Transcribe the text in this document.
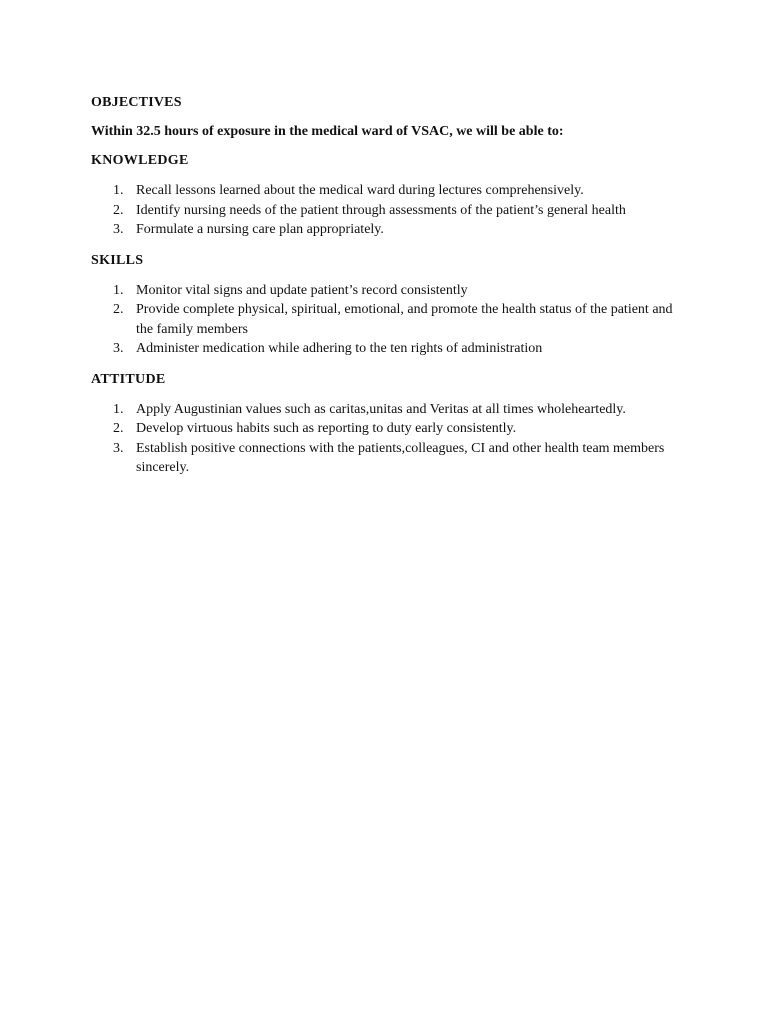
OBJECTIVES

Within 32.5 hours of exposure in the medical ward of VSAC, we will be able to:

KNOWLEDGE

1. Recall lessons learned about the medical ward during lectures comprehensively.
2. Identify nursing needs of the patient through assessments of the patient’s general health
3. Formulate a nursing care plan appropriately.

SKILLS

1. Monitor vital signs and update patient’s record consistently
2. Provide complete physical, spiritual, emotional, and promote the health status of the patient and the family members
3. Administer medication while adhering to the ten rights of administration

ATTITUDE

1. Apply Augustinian values such as caritas,unitas and Veritas at all times wholeheartedly.
2. Develop virtuous habits such as reporting to duty early consistently.
3. Establish positive connections with the patients,colleagues, CI and other health team members sincerely.
